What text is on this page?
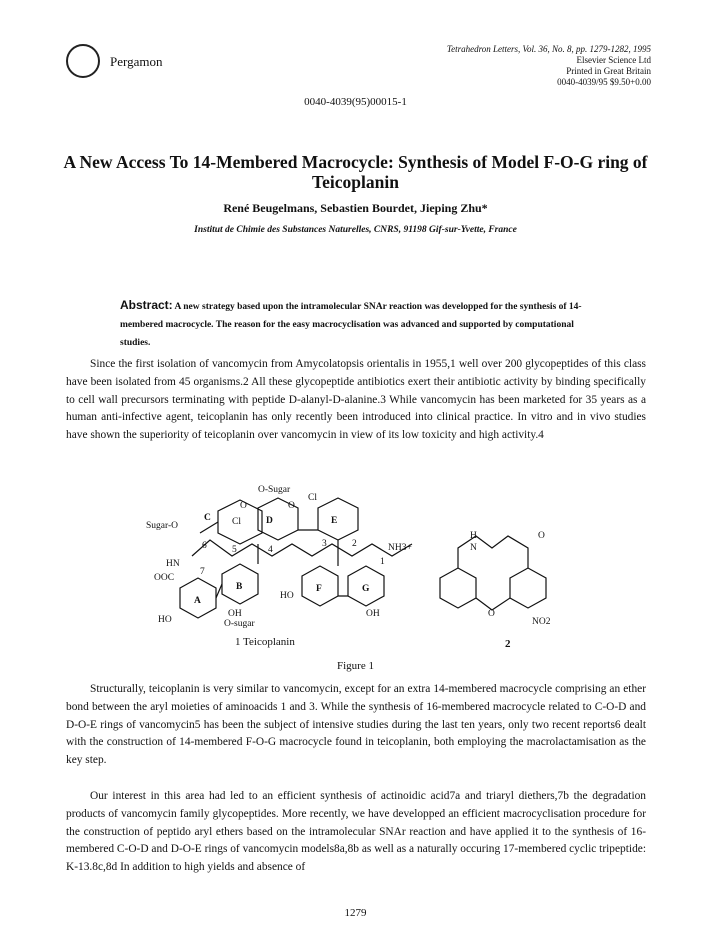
Pergamon
Tetrahedron Letters, Vol. 36, No. 8, pp. 1279-1282, 1995
Elsevier Science Ltd
Printed in Great Britain
0040-4039/95 $9.50+0.00
0040-4039(95)00015-1
A New Access To 14-Membered Macrocycle: Synthesis of Model F-O-G ring of Teicoplanin
René Beugelmans, Sebastien Bourdet, Jieping Zhu*
Institut de Chimie des Substances Naturelles, CNRS, 91198 Gif-sur-Yvette, France
Abstract: A new strategy based upon the intramolecular SNAr reaction was developped for the synthesis of 14-membered macrocycle. The reason for the easy macrocyclisation was advanced and supported by computational studies.
Since the first isolation of vancomycin from Amycolatopsis orientalis in 1955,1 well over 200 glycopeptides of this class have been isolated from 45 organisms.2 All these glycopeptide antibiotics exert their antibiotic activity by binding specifically to cell wall precursors terminating with peptide D-alanyl-D-alanine.3 While vancomycin has been marketed for 35 years as a human anti-infective agent, teicoplanin has only recently been introduced into clinical practice. In vitro and in vivo studies have shown the superiority of teicoplanin over vancomycin in view of its low toxicity and high activity.4
O-Sugar
Cl
O	O
Cl
Sugar-O
C	D	E
A
B	F	G
NH3+
OOC
HN
HO
OH
O-sugar
HO
OH
6	5	4
3	2
1
7
H
N
O
O
NO2
1 Teicoplanin	2
Figure 1
Structurally, teicoplanin is very similar to vancomycin, except for an extra 14-membered macrocycle comprising an ether bond between the aryl moieties of aminoacids 1 and 3. While the synthesis of 16-membered macrocycle related to C-O-D and D-O-E rings of vancomycin5 has been the subject of intensive studies during the last ten years, only two recent reports6 dealt with the construction of 14-membered F-O-G macrocycle found in teicoplanin, both employing the macrolactamisation as the key step.
Our interest in this area had led to an efficient synthesis of actinoidic acid7a and triaryl diethers,7b the degradation products of vancomycin family glycopeptides. More recently, we have developped an efficient macrocyclisation procedure for the construction of peptido aryl ethers based on the intramolecular SNAr reaction and have applied it to the synthesis of 16-membered C-O-D and D-O-E rings of vancomycin models8a,8b as well as a naturally occuring 17-membered cyclic tripeptide: K-13.8c,8d In addition to high yields and absence of
1279
